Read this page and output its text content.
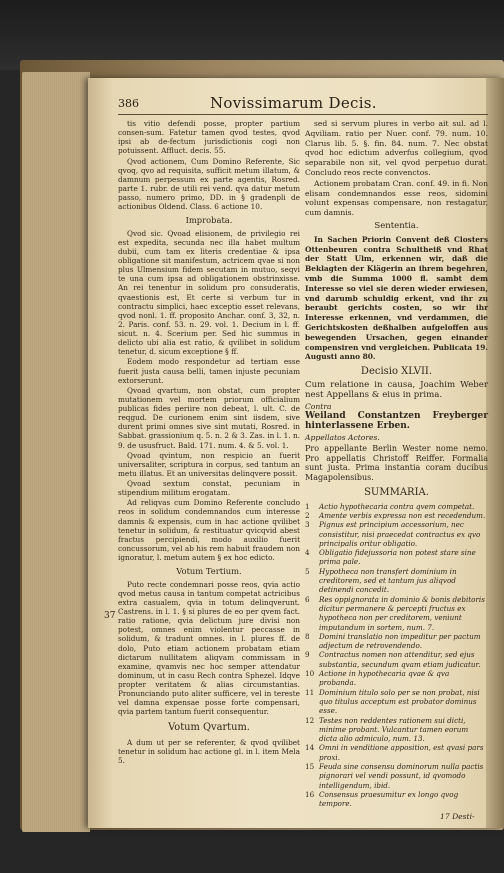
386	Novissimarum Decis.

tis vitio defendi posse, propter partium consen-sum. Fatetur tamen qvod testes, qvod ipsi ab de-fectum jurisdictionis cogi non potuissent. Affluct. decis. 55.

Qvod actionem, Cum Domino Referente, Sic qvoq, qvo ad requisita, sufficit metum illatum, & damnum perpessum ex parte agentis, Rosred. parte 1. rubr. de utili rei vend. qva datur metum passo, numero primo, DD. in § gradenpli de actionibus Oldend. Class. 6 actione 10.

Improbata.

Qvod sic. Qvoad elisionem, de privilegio rei est expedita, secunda nec illa habet multum dubii, cum tam ex literis credentiae & ipsa obligatione sit manifestum, actricem qvae si non plus Ulmensium fidem secutam in mutuo, seqvi te una cum ipsa ad obligationem obstrinxisse. An rei tenentur in solidum pro consuderatis, qvaestionis est, Et certe si verbum tur in contractu simplici, haec exceptio esset relevans, qvod nonl. 1. ff. proposito Anchar. conf. 3, 32, n. 2. Paris. conf. 53. n. 29. vol. 1. Decium in l. ff. sicut. n. 4. Scerium per. Sed hic summus in delicto ubi alia est ratio, & qvilibet in solidum tenetur, d. sicum exceptione § ff.

Eodem modo respondetur ad tertiam esse fuerit justa causa belli, tamen injuste pecuniam extorserunt.

Qvoad qvartum, non obstat, cum propter mutationem vel mortem priorum officialium publicas fides periire non debeat, l. ult. C. de reqgud. De curionem enim sint iisdem, sive durent primi omnes sive sint mutati, Rosred. in Sabbat. grassionium q. 5. n. 2 & 3. Zas. in l. 1. n. 9. de ususfruct. Bald. 171. num. 4. & 5. vol. 1.

Qvoad qvintum, non respicio an fuerit universaliter, scriptura in corpus, sed tantum an metu illatus. Et an universitas delinqvere possit.

Qvoad sextum constat, pecuniam in stipendium militum erogatam.

Ad reliqvas cum Domino Referente concludo reos in solidum condemnandos cum interesse damnis & expensis, cum in hac actione qvilibet tenetur in solidum, & restituatur qvicqvid abest fractus percipiendi, modo auxilio fuerit concussorum, vel ab his rem habuit fraudem non ignoratur, l. metum autem § ex hoc edicto.

Votum Tertium.

Puto recte condemnari posse reos, qvia actio qvod metus causa in tantum competat actricibus extra casualem, qvia in totum delinqverunt. Castrens. in l. 1. § si plures de eo per qvem fact. ratio ratione, qvia delictum jure divisi non potest, omnes enim violentur peccasse in solidum, & tradunt omnes. in l. plures ff. de dolo, Puto etiam actionem probatam etiam dictarum nullitatem aliqvam commissam in examine, qvamvis nec hoc semper attendatur dominum, ut in casu Rech contra Sphezel. Idqve propter veritatem & alias circumstantias. Pronunciando puto aliter sufficere, vel in tereste vel damna expensae posse forte compensari, qvia partem tantum fuerit consequentur.

Votum Qvartum.

A dum ut per se referenter, & qvod qvilibet tenetur in solidum hac actione gl. in l. item Mela 5.

sed si servum plures in verbo ait sul. ad l. Aqviliam. ratio per Nuer. conf. 79. num. 10. Clarus lib. 5. §. fin. 84. num. 7. Nec obstat qvod hoc edictum adverfus collegium, qvod separabile non sit, vel qvod perpetuo durat. Concludo reos recte convenctos.

Actionem probatam Cran. conf. 49. in fi. Non elisam condemnandos esse reos, sidomini volunt expensas compensare, non restagatur, cum damnis.

Sententia.

In Sachen Priorin Convent deß Closters Ottenbeuren contra Schultheiß vnd Rhat der Statt Ulm, erkennen wir, daß die Beklagten der Klägerin an ihrem begehren, vmb die Summa 1000 fl. sambt dem Interesse so viel sie deren wieder erwiesen, vnd darumb schuldig erkent, vnd ihr zu beraubt gerichts costen, so wir ihr Interesse erkennen, vnd verdammen, die Gerichtskosten deßhalben aufgeloffen aus bewegenden Ursachen, gegen einander compensiren vnd vergleichen. Publicata 19. Augusti anno 80.

Decisio XLVII.

Cum relatione in causa, Joachim Weber nest Appellans & eius in prima.

Contra

Weiland Constantzen Freyberger hinterlassene Erben.

Appellatos Actores.

Pro appellante Berlin Wester nome nemo. Pro appellatis Christoff Reiffer. Formalia sunt justa. Prima instantia coram ducibus Magapolensibus.

SUMMARIA.

1	Actio hypothecaria contra qvem competat.
2	Amente verbis expressa non est recedendum.
3	Pignus est principium accessorium, nec consistitur, nisi praecedat contractus ex qvo principalis oritur obligatio.
4	Obligatio fidejussoria non potest stare sine prima pale.
5	Hypotheca non transfert dominium in creditorem, sed et tantum jus aliqvod detinendi concedit.
6	Res oppignorata in dominio & bonis debitoris dicitur permanere & percepti fructus ex hypotheca non per creditorem, veniunt imputandum in sortem, num. 7.
8	Domini translatio non impeditur per pactum adjectum de retrovendendo.
9	Contractus nomen non attenditur, sed ejus substantia, secundum qvam etiam judicatur.
10 Actione in hypothecaria qvae & qva probanda.
11 Dominium titulo solo per se non probat, nisi quo titulus acceptum est probator dominus esse.
12 Testes non reddentes rationem sui dicti, minime probant. Vulcantur tamen eorum dicta alio admiculo, num. 13.
14 Omni in venditione apposition, est qvasi pars proxi.
15 Feuda sine consensu dominorum nulla pactis pignorari vel vendi possunt, id qvomodo intelligendum, ibid.
16 Consensus praesumitur ex longo qvog tempore.
37
17 Desti-
